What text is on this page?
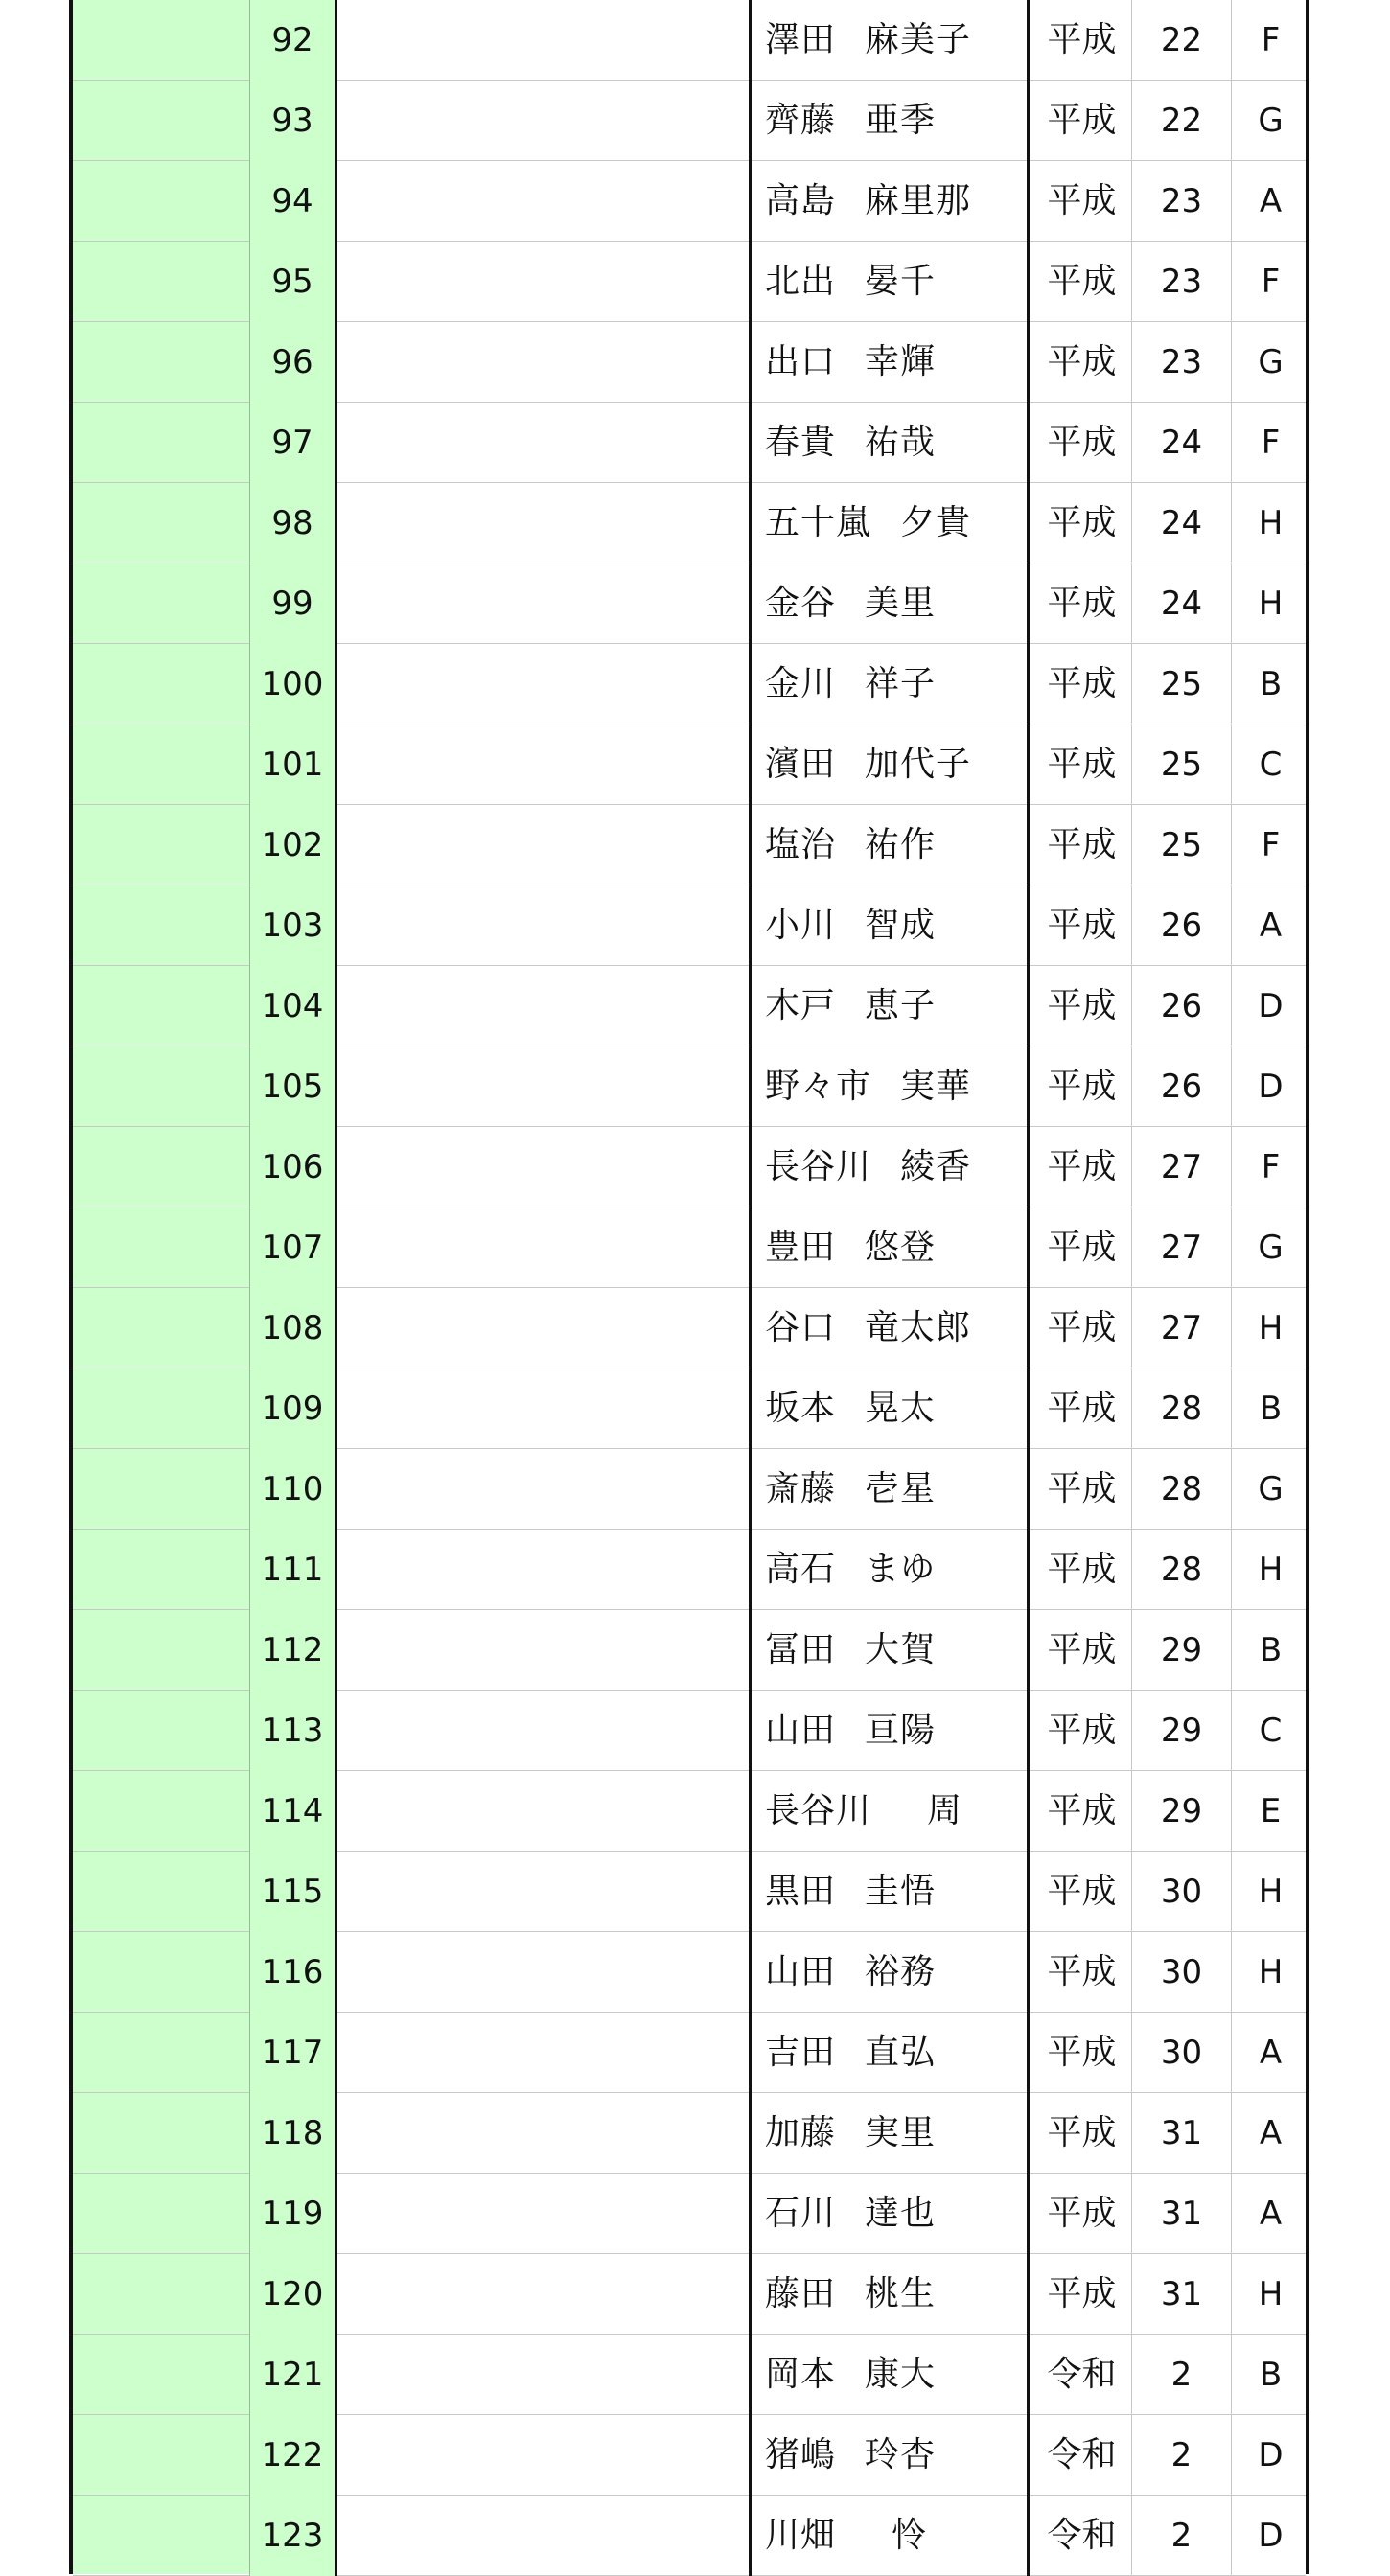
92	澤田 麻美子	平成	22	F
93	齊藤 亜季	平成	22	G
94	高島 麻里那	平成	23	A
95	北出 晏千	平成	23	F
96	出口 幸輝	平成	23	G
97	春貴 祐哉	平成	24	F
98	五十嵐 夕貴	平成	24	H
99	金谷 美里	平成	24	H
100	金川 祥子	平成	25	B
101	濱田 加代子	平成	25	C
102	塩治 祐作	平成	25	F
103	小川 智成	平成	26	A
104	木戸 恵子	平成	26	D
105	野々市 実華	平成	26	D
106	長谷川 綾香	平成	27	F
107	豊田 悠登	平成	27	G
108	谷口 竜太郎	平成	27	H
109	坂本 晃太	平成	28	B
110	斎藤 壱星	平成	28	G
111	高石 まゆ	平成	28	H
112	冨田 大賀	平成	29	B
113	山田 亘陽	平成	29	C
114	長谷川 周	平成	29	E
115	黒田 圭悟	平成	30	H
116	山田 裕務	平成	30	H
117	吉田 直弘	平成	30	A
118	加藤 実里	平成	31	A
119	石川 達也	平成	31	A
120	藤田 桃生	平成	31	H
121	岡本 康大	令和	2	B
122	猪嶋 玲杏	令和	2	D
123	川畑 怜	令和	2	D
